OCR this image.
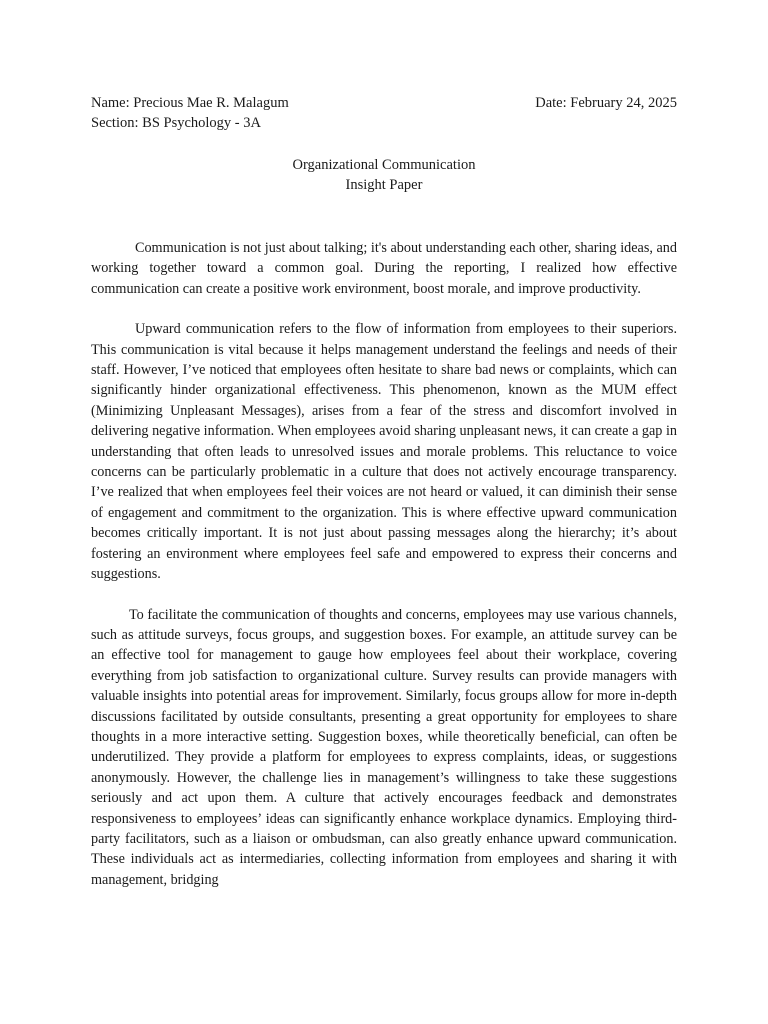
Name: Precious Mae R. Malagum	Date: February 24, 2025
Section: BS Psychology - 3A
Organizational Communication
Insight Paper

Communication is not just about talking; it's about understanding each other, sharing ideas, and working together toward a common goal. During the reporting, I realized how effective communication can create a positive work environment, boost morale, and improve productivity.

Upward communication refers to the flow of information from employees to their superiors. This communication is vital because it helps management understand the feelings and needs of their staff. However, I’ve noticed that employees often hesitate to share bad news or complaints, which can significantly hinder organizational effectiveness. This phenomenon, known as the MUM effect (Minimizing Unpleasant Messages), arises from a fear of the stress and discomfort involved in delivering negative information. When employees avoid sharing unpleasant news, it can create a gap in understanding that often leads to unresolved issues and morale problems. This reluctance to voice concerns can be particularly problematic in a culture that does not actively encourage transparency. I’ve realized that when employees feel their voices are not heard or valued, it can diminish their sense of engagement and commitment to the organization. This is where effective upward communication becomes critically important. It is not just about passing messages along the hierarchy; it’s about fostering an environment where employees feel safe and empowered to express their concerns and suggestions.

To facilitate the communication of thoughts and concerns, employees may use various channels, such as attitude surveys, focus groups, and suggestion boxes. For example, an attitude survey can be an effective tool for management to gauge how employees feel about their workplace, covering everything from job satisfaction to organizational culture. Survey results can provide managers with valuable insights into potential areas for improvement. Similarly, focus groups allow for more in-depth discussions facilitated by outside consultants, presenting a great opportunity for employees to share thoughts in a more interactive setting. Suggestion boxes, while theoretically beneficial, can often be underutilized. They provide a platform for employees to express complaints, ideas, or suggestions anonymously. However, the challenge lies in management’s willingness to take these suggestions seriously and act upon them. A culture that actively encourages feedback and demonstrates responsiveness to employees’ ideas can significantly enhance workplace dynamics. Employing third-party facilitators, such as a liaison or ombudsman, can also greatly enhance upward communication. These individuals act as intermediaries, collecting information from employees and sharing it with management, bridging
